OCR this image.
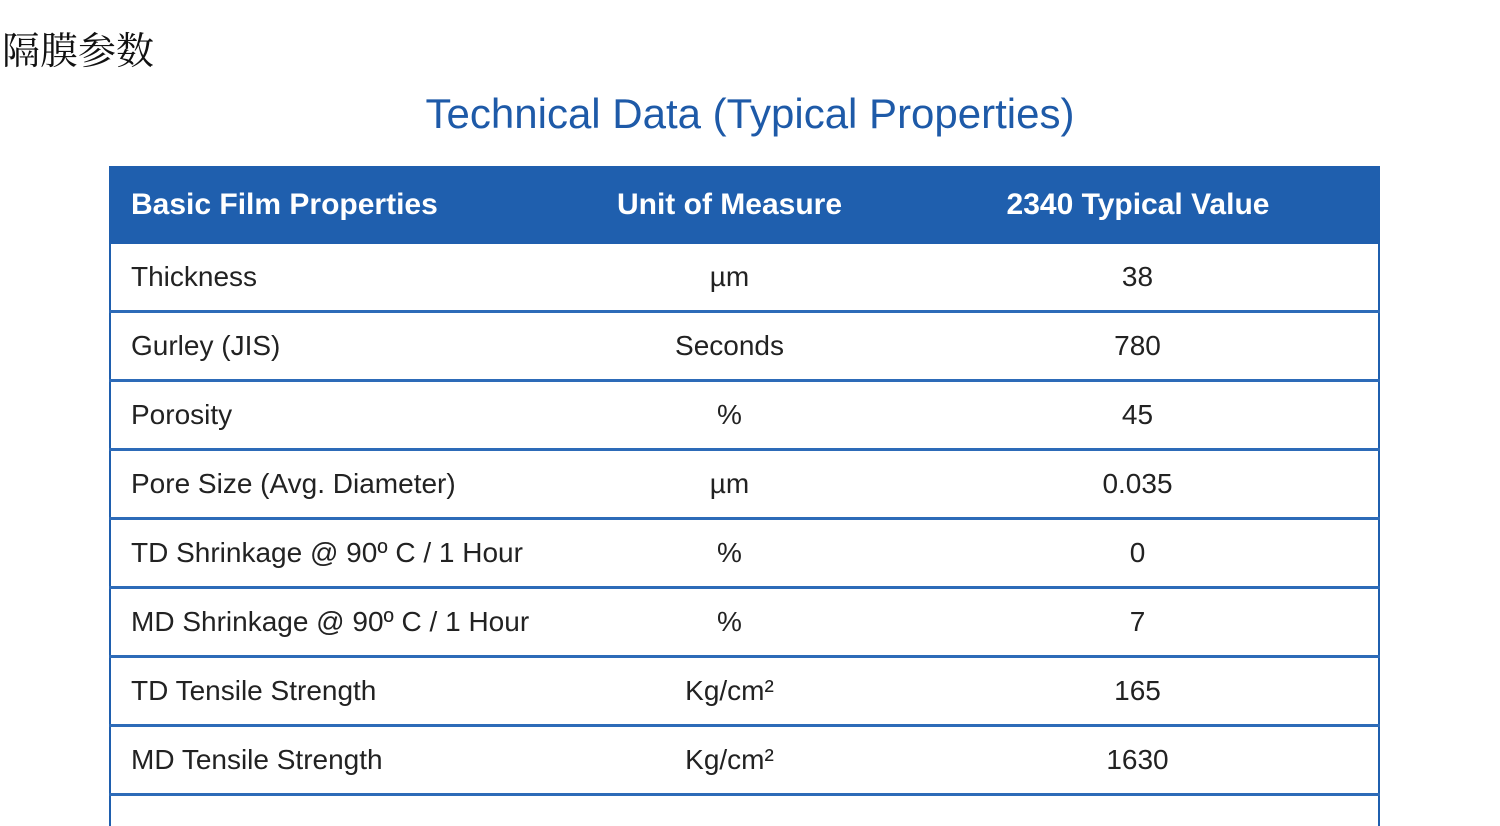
隔膜参数
Technical Data (Typical Properties)
Basic Film Properties	Unit of Measure	2340 Typical Value
Thickness	µm	38
Gurley (JIS)	Seconds	780
Porosity	%	45
Pore Size (Avg. Diameter)	µm	0.035
TD Shrinkage @ 90º C / 1 Hour	%	0
MD Shrinkage @ 90º C / 1 Hour	%	7
TD Tensile Strength	Kg/cm²	165
MD Tensile Strength	Kg/cm²	1630
